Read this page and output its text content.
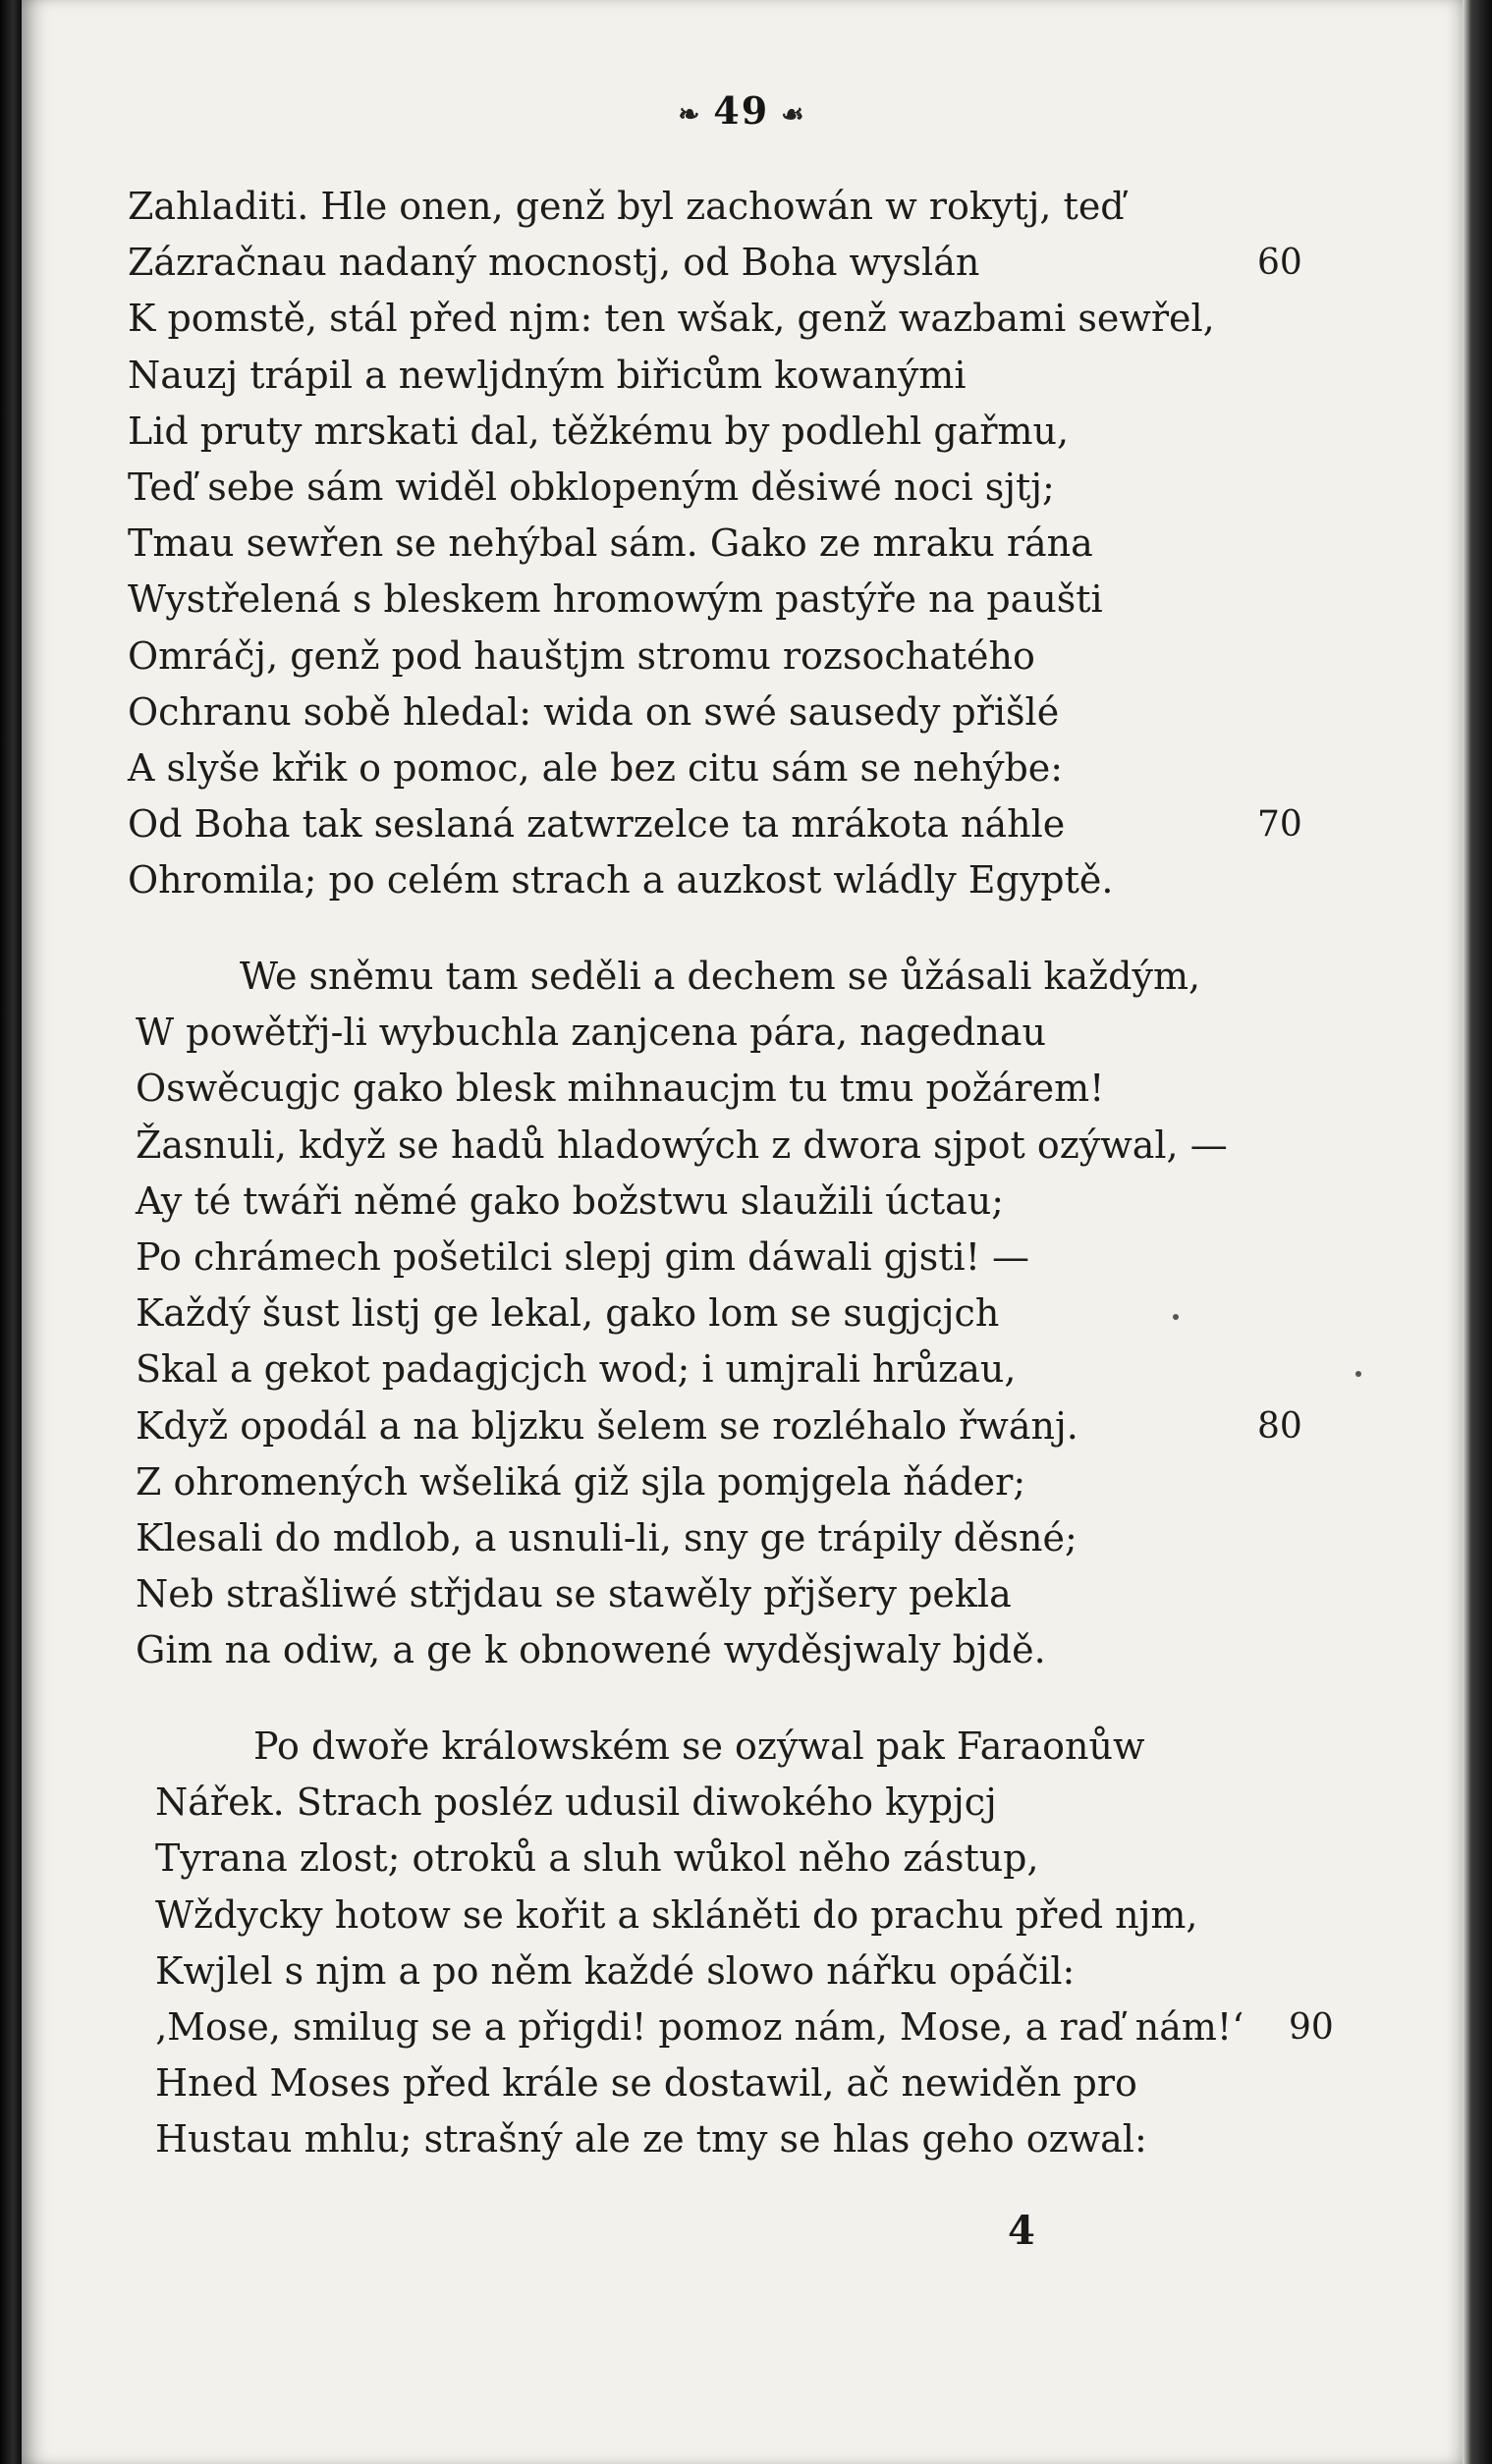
❧ 49 ☙
Zahladiti. Hle onen, genž byl zachowán w rokytj, teď
Zázračnau nadaný mocnostj, od Boha wyslán	60
K pomstě, stál před njm: ten wšak, genž wazbami sewřel,
Nauzj trápil a newljdným biřicům kowanými
Lid pruty mrskati dal, těžkému by podlehl gařmu,
Teď sebe sám widěl obklopeným děsiwé noci sjtj;
Tmau sewřen se nehýbal sám. Gako ze mraku rána
Wystřelená s bleskem hromowým pastýře na paušti
Omráčj, genž pod hauštjm stromu rozsochatého
Ochranu sobě hledal: wida on swé sausedy přišlé
A slyše křik o pomoc, ale bez citu sám se nehýbe:
Od Boha tak seslaná zatwrzelce ta mrákota náhle	70
Ohromila; po celém strach a auzkost wládly Egyptě.
We sněmu tam seděli a dechem se ůžásali každým,
W powětřj-li wybuchla zanjcena pára, nagednau
Oswěcugjc gako blesk mihnaucjm tu tmu požárem!
Žasnuli, když se hadů hladowých z dwora sjpot ozýwal, —
Ay té twáři němé gako božstwu slaužili úctau;
Po chrámech pošetilci slepj gim dáwali gjsti! —
Každý šust listj ge lekal, gako lom se sugjcjch
Skal a gekot padagjcjch wod; i umjrali hrůzau,
Když opodál a na bljzku šelem se rozléhalo řwánj.	80
Z ohromených wšeliká giž sjla pomjgela ňáder;
Klesali do mdlob, a usnuli-li, sny ge trápily děsné;
Neb strašliwé střjdau se stawěly přjšery pekla
Gim na odiw, a ge k obnowené wyděsjwaly bjdě.
Po dwoře králowském se ozýwal pak Faraonůw
Nářek. Strach posléz udusil diwokého kypjcj
Tyrana zlost; otroků a sluh wůkol něho zástup,
Wždycky hotow se kořit a skláněti do prachu před njm,
Kwjlel s njm a po něm každé slowo nářku opáčil:
‚Mose, smilug se a přigdi! pomoz nám, Mose, a raď nám!‘ 90
Hned Moses před krále se dostawil, ač newiděn pro
Hustau mhlu; strašný ale ze tmy se hlas geho ozwal:
4
